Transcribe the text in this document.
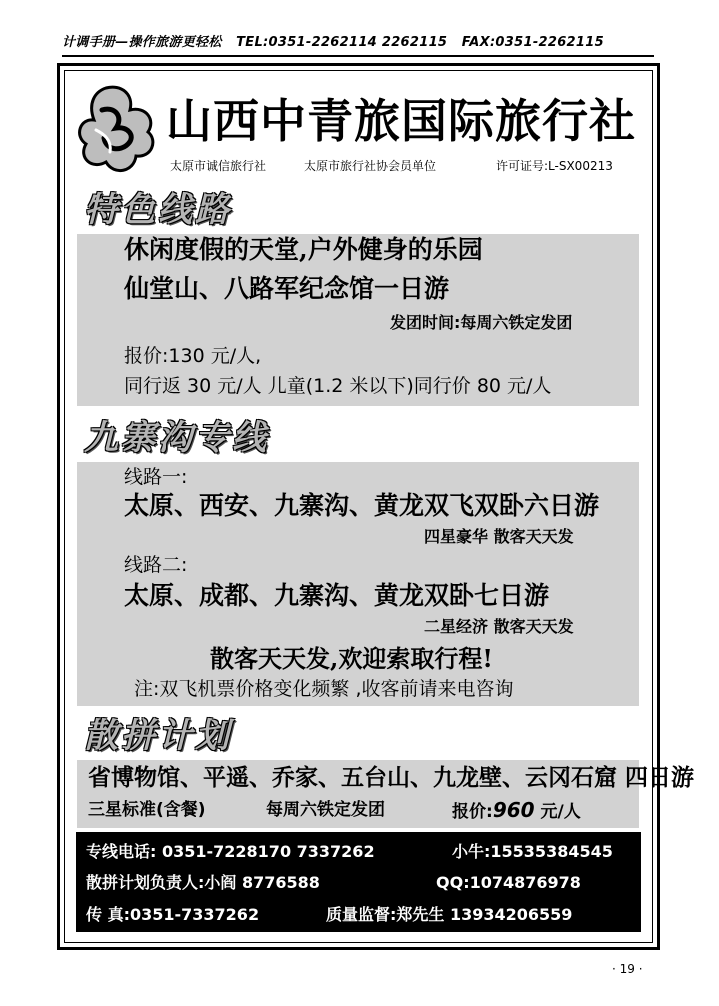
计调手册—操作旅游更轻松 TEL:0351-2262114 2262115 FAX:0351-2262115
山西中青旅国际旅行社
太原市诚信旅行社	太原市旅行社协会员单位	许可证号:L-SX00213
特色线路
休闲度假的天堂,户外健身的乐园
仙堂山、八路军纪念馆一日游
发团时间:每周六铁定发团
报价:130 元/人,
同行返 30 元/人 儿童(1.2 米以下)同行价 80 元/人
九寨沟专线
线路一:
太原、西安、九寨沟、黄龙双飞双卧六日游
四星豪华 散客天天发
线路二:
太原、成都、九寨沟、黄龙双卧七日游
二星经济 散客天天发
散客天天发,欢迎索取行程!
注:双飞机票价格变化频繁 ,收客前请来电咨询
散拼计划
省博物馆、平遥、乔家、五台山、九龙壁、云冈石窟 四日游
三星标准(含餐)	每周六铁定发团	报价:960 元/人
专线电话: 0351-7228170 7337262	小牛:15535384545
散拼计划负责人:小阎 8776588	QQ:1074876978
传 真:0351-7337262	质量监督:郑先生 13934206559
· 19 ·
